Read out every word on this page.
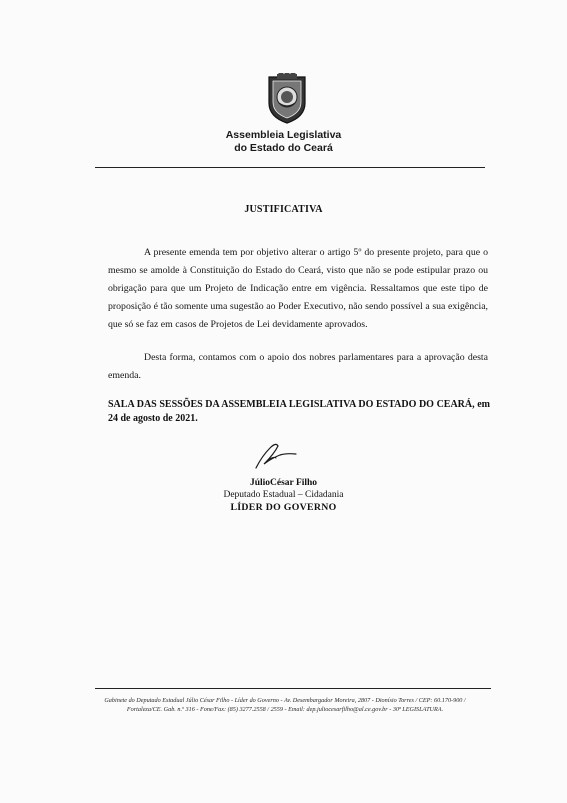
Assembleia Legislativa
do Estado do Ceará
JUSTIFICATIVA

A presente emenda tem por objetivo alterar o artigo 5º do presente projeto, para que o mesmo se amolde à Constituição do Estado do Ceará, visto que não se pode estipular prazo ou obrigação para que um Projeto de Indicação entre em vigência. Ressaltamos que este tipo de proposição é tão somente uma sugestão ao Poder Executivo, não sendo possível a sua exigência, que só se faz em casos de Projetos de Lei devidamente aprovados.

Desta forma, contamos com o apoio dos nobres parlamentares para a aprovação desta emenda.

SALA DAS SESSÕES DA ASSEMBLEIA LEGISLATIVA DO ESTADO DO CEARÁ, em 24 de agosto de 2021.
JúlioCésar Filho
Deputado Estadual – Cidadania
LÍDER DO GOVERNO
Gabinete do Deputado Estadual Júlio César Filho - Líder do Governo - Av. Desembargador Moreira, 2807 - Dionísio Torres / CEP: 60.170-900 /
Fortaleza/CE. Gab. n.º 316 - Fone/Fax: (85) 3277.2558 / 2559 - Email: dep.juliocesarfilho@al.ce.gov.br - 30ª LEGISLATURA.
